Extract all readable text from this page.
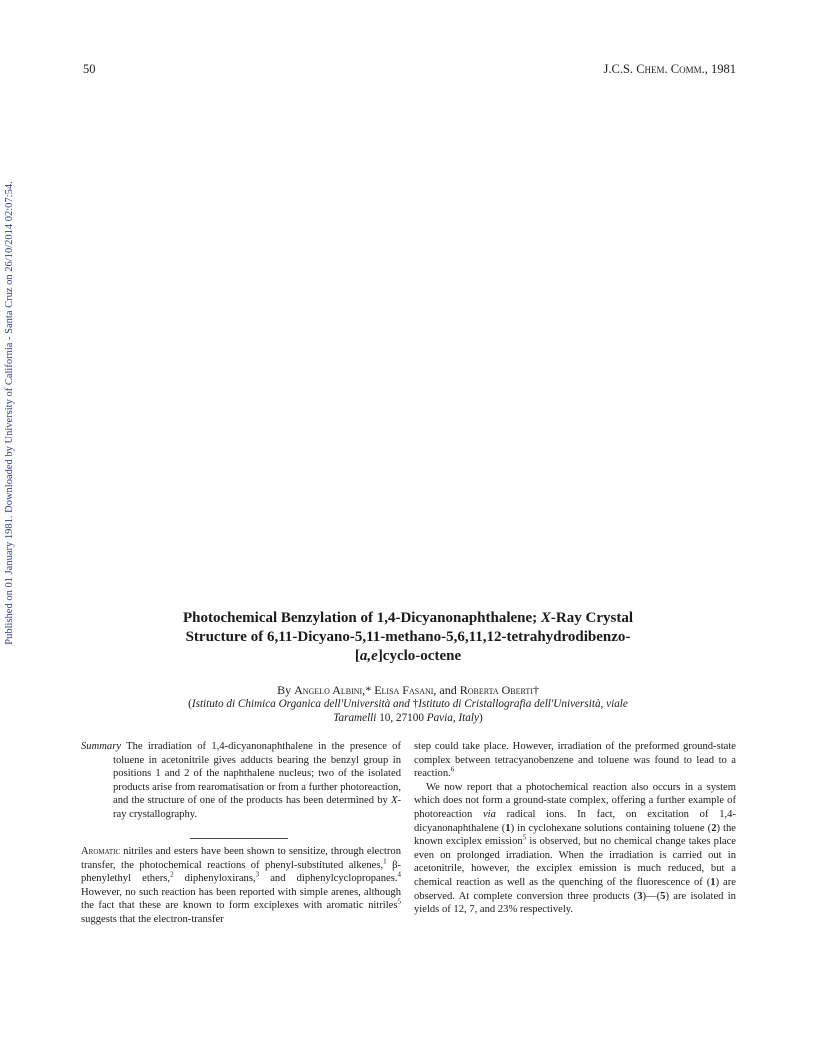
Published on 01 January 1981. Downloaded by University of California - Santa Cruz on 26/10/2014 02:07:54.
50	J.C.S. Chem. Comm., 1981
Photochemical Benzylation of 1,4-Dicyanonaphthalene; X-Ray Crystal
Structure of 6,11-Dicyano-5,11-methano-5,6,11,12-tetrahydrodibenzo-
[a,e]cyclo-octene
By Angelo Albini,* Elisa Fasani, and Roberta Oberti†
(Istituto di Chimica Organica dell'Università and †Istituto di Cristallografia dell'Università, viale
Taramelli 10, 27100 Pavia, Italy)

Summary The irradiation of 1,4-dicyanonaphthalene in the presence of toluene in acetonitrile gives adducts bearing the benzyl group in positions 1 and 2 of the naphthalene nucleus; two of the isolated products arise from rearomatisation or from a further photoreaction, and the structure of one of the products has been determined by X-ray crystallography.

Aromatic nitriles and esters have been shown to sensitize, through electron transfer, the photochemical reactions of phenyl-substituted alkenes,$^1$ β-phenylethyl ethers,$^2$ diphenyloxirans,$^3$ and diphenylcyclopropanes.$^4$ However, no such reaction has been reported with simple arenes, although the fact that these are known to form exciplexes with aromatic nitriles$^5$ suggests that the electron-transfer

step could take place. However, irradiation of the preformed ground-state complex between tetracyanobenzene and toluene was found to lead to a reaction.$^6$

We now report that a photochemical reaction also occurs in a system which does not form a ground-state complex, offering a further example of photoreaction via radical ions. In fact, on excitation of 1,4-dicyanonaphthalene (1) in cyclohexane solutions containing toluene (2) the known exciplex emission$^5$ is observed, but no chemical change takes place even on prolonged irradiation. When the irradiation is carried out in acetonitrile, however, the exciplex emission is much reduced, but a chemical reaction as well as the quenching of the fluorescence of (1) are observed. At complete conversion three products (3)—(5) are isolated in yields of 12, 7, and 23% respectively.
